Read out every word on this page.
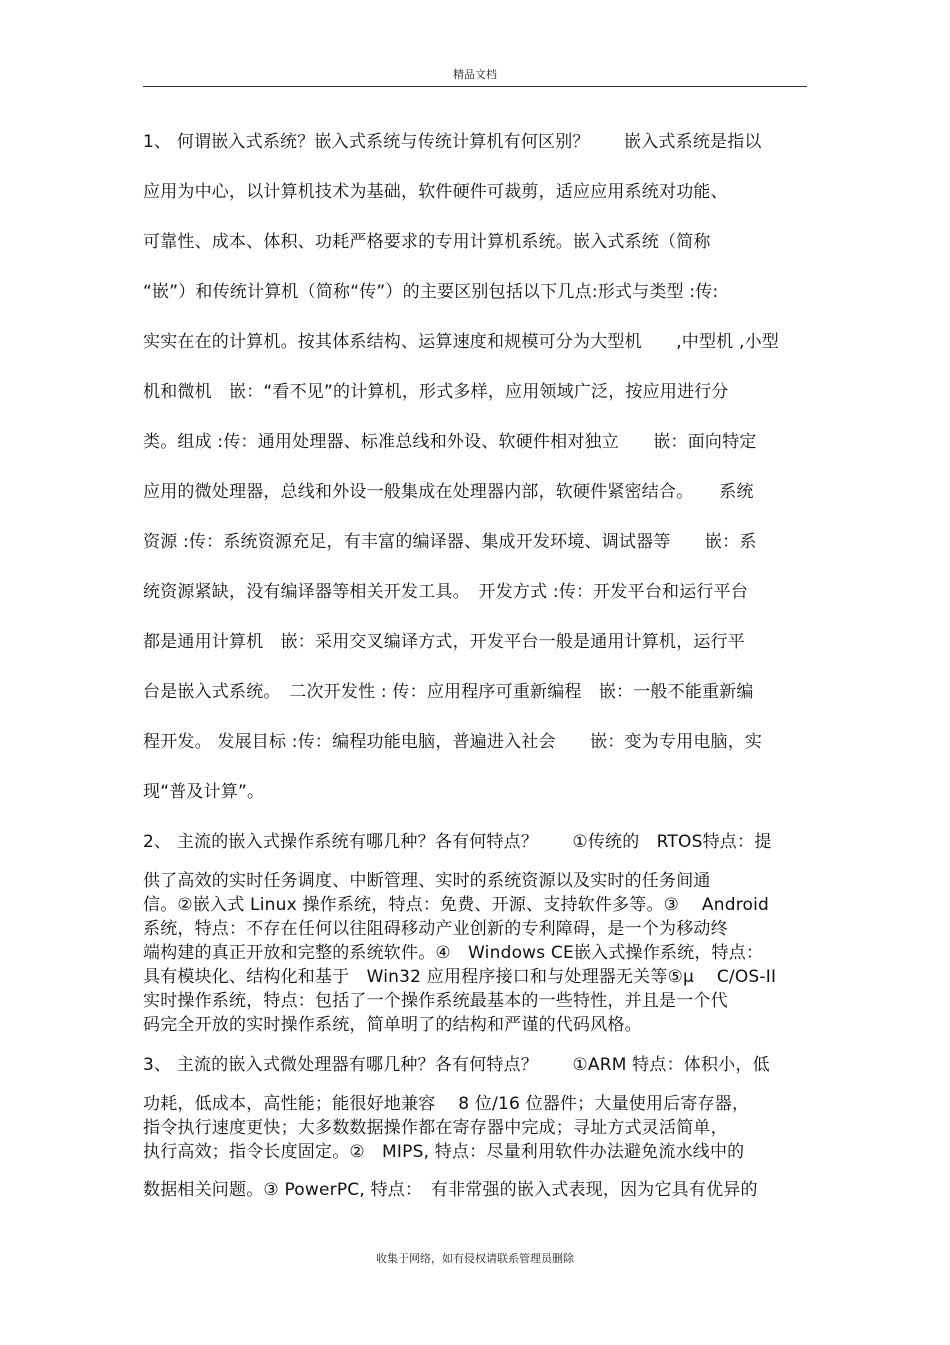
精品文档
1、 何谓嵌入式系统？嵌入式系统与传统计算机有何区别？　　嵌入式系统是指以
应用为中心，以计算机技术为基础，软件硬件可裁剪，适应应用系统对功能、
可靠性、成本、体积、功耗严格要求的专用计算机系统。嵌入式系统（简称
“嵌”）和传统计算机（简称“传”）的主要区别包括以下几点:形式与类型 :传:
实实在在的计算机。按其体系结构、运算速度和规模可分为大型机　　,中型机 ,小型
机和微机　嵌：“看不见”的计算机，形式多样，应用领域广泛，按应用进行分
类。组成 :传：通用处理器、标准总线和外设、软硬件相对独立　　嵌：面向特定
应用的微处理器，总线和外设一般集成在处理器内部，软硬件紧密结合。　　系统
资源 :传：系统资源充足，有丰富的编译器、集成开发环境、调试器等　　嵌：系
统资源紧缺，没有编译器等相关开发工具。　开发方式 :传：开发平台和运行平台
都是通用计算机　嵌：采用交叉编译方式，开发平台一般是通用计算机，运行平
台是嵌入式系统。　二次开发性 : 传：应用程序可重新编程　嵌：一般不能重新编
程开发。 发展目标 :传：编程功能电脑，普遍进入社会　　嵌：变为专用电脑，实
现“普及计算”。
2、 主流的嵌入式操作系统有哪几种？各有何特点？　　①传统的　RTOS特点：提
供了高效的实时任务调度、中断管理、实时的系统资源以及实时的任务间通
信。②嵌入式 Linux 操作系统，特点：免费、开源、支持软件多等。③　 Android
系统，特点：不存在任何以往阻碍移动产业创新的专利障碍，是一个为移动终
端构建的真正开放和完整的系统软件。④　Windows CE嵌入式操作系统，特点：
具有模块化、结构化和基于　Win32 应用程序接口和与处理器无关等⑤μ　 C/OS-II
实时操作系统，特点：包括了一个操作系统最基本的一些特性，并且是一个代
码完全开放的实时操作系统，简单明了的结构和严谨的代码风格。
3、 主流的嵌入式微处理器有哪几种？各有何特点？　　①ARM 特点：体积小，低
功耗，低成本，高性能；能很好地兼容　 8 位/16 位器件；大量使用后寄存器，
指令执行速度更快；大多数数据操作都在寄存器中完成；寻址方式灵活简单，
执行高效；指令长度固定。②　MIPS, 特点：尽量利用软件办法避免流水线中的
数据相关问题。③ PowerPC, 特点：　有非常强的嵌入式表现，因为它具有优异的
收集于网络，如有侵权请联系管理员删除
